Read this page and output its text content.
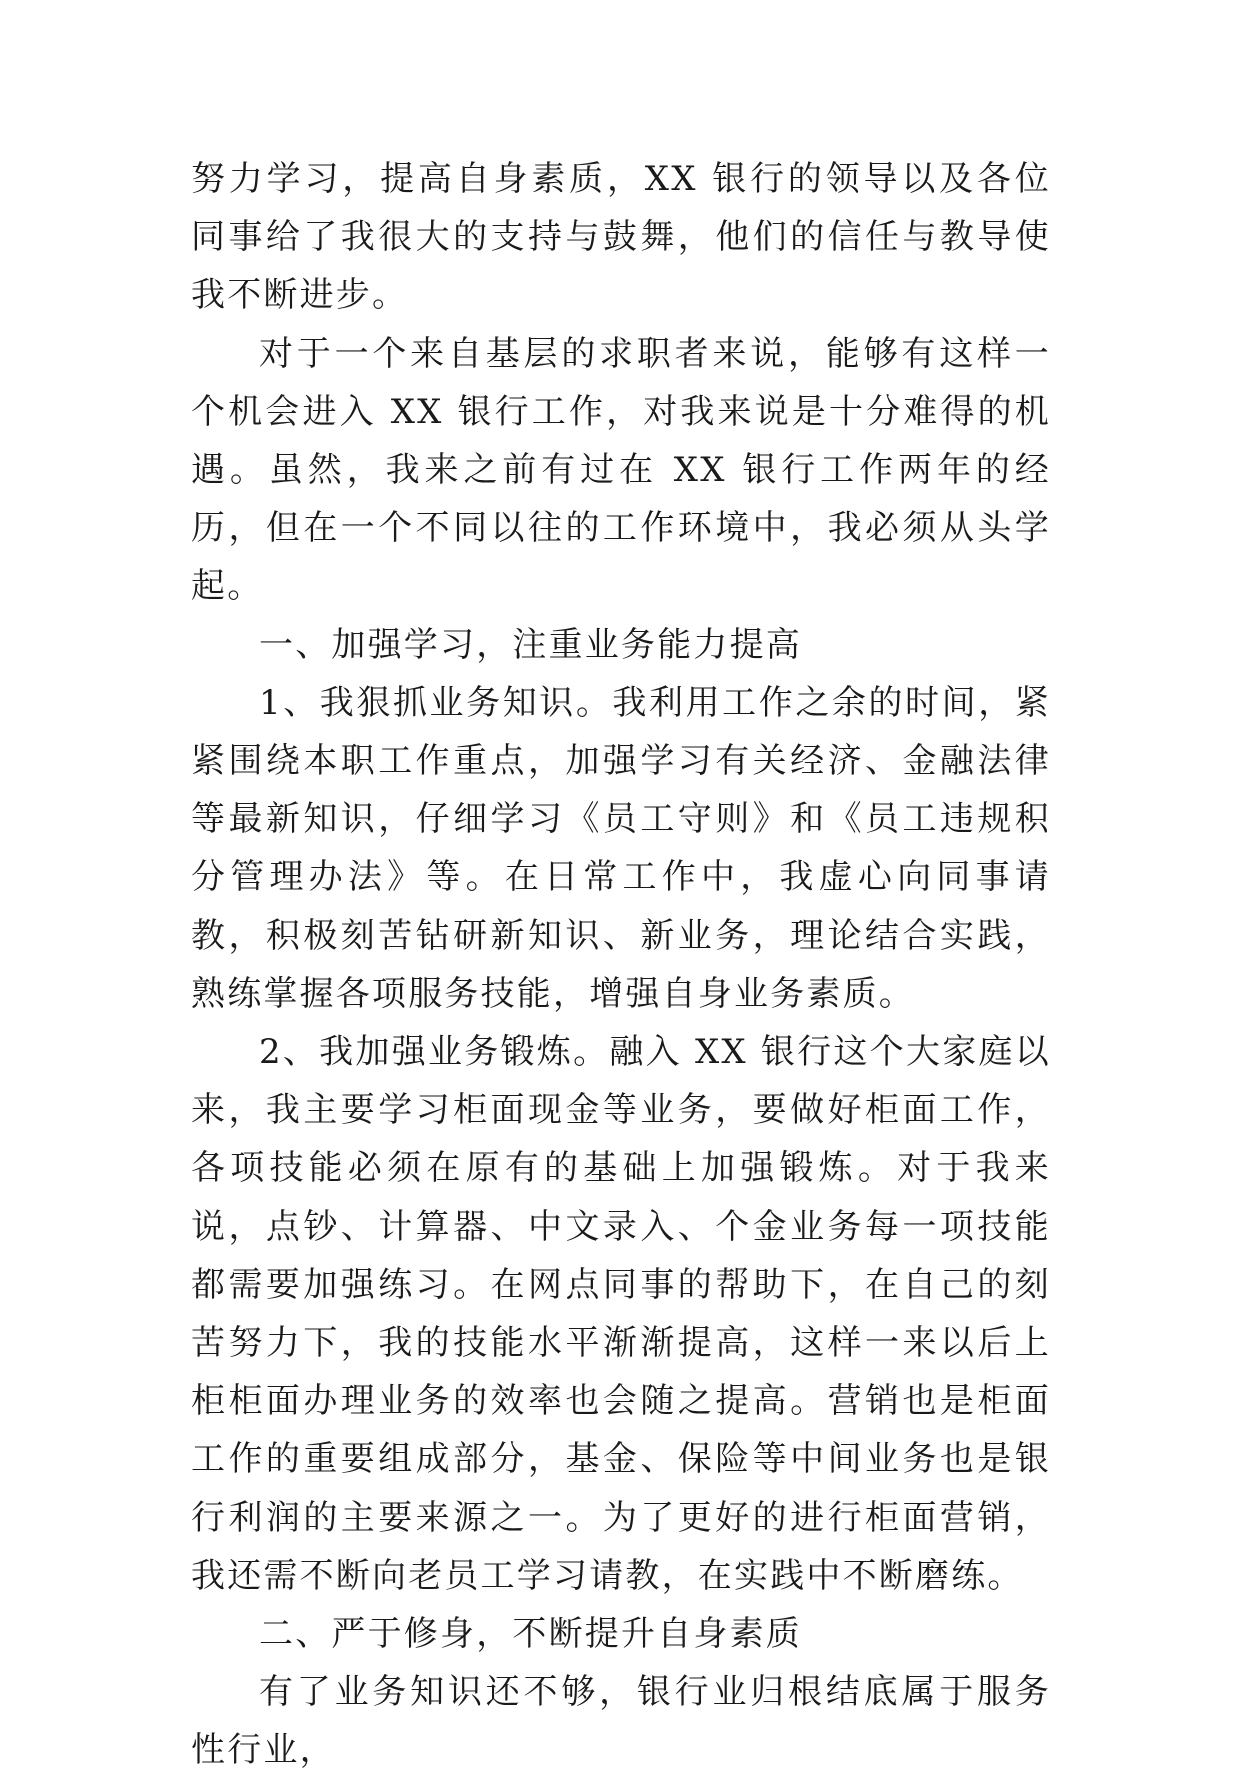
努力学习，提高自身素质，XX 银行的领导以及各位同事给了我很大的支持与鼓舞，他们的信任与教导使我不断进步。

对于一个来自基层的求职者来说，能够有这样一个机会进入 XX 银行工作，对我来说是十分难得的机遇。虽然，我来之前有过在 XX 银行工作两年的经历，但在一个不同以往的工作环境中，我必须从头学起。

一、加强学习，注重业务能力提高

1、我狠抓业务知识。我利用工作之余的时间，紧紧围绕本职工作重点，加强学习有关经济、金融法律等最新知识，仔细学习《员工守则》和《员工违规积分管理办法》等。在日常工作中，我虚心向同事请教，积极刻苦钻研新知识、新业务，理论结合实践，熟练掌握各项服务技能，增强自身业务素质。

2、我加强业务锻炼。融入 XX 银行这个大家庭以来，我主要学习柜面现金等业务，要做好柜面工作，各项技能必须在原有的基础上加强锻炼。对于我来说，点钞、计算器、中文录入、个金业务每一项技能都需要加强练习。在网点同事的帮助下，在自己的刻苦努力下，我的技能水平渐渐提高，这样一来以后上柜柜面办理业务的效率也会随之提高。营销也是柜面工作的重要组成部分，基金、保险等中间业务也是银行利润的主要来源之一。为了更好的进行柜面营销，我还需不断向老员工学习请教，在实践中不断磨练。

二、严于修身，不断提升自身素质

有了业务知识还不够，银行业归根结底属于服务性行业，
